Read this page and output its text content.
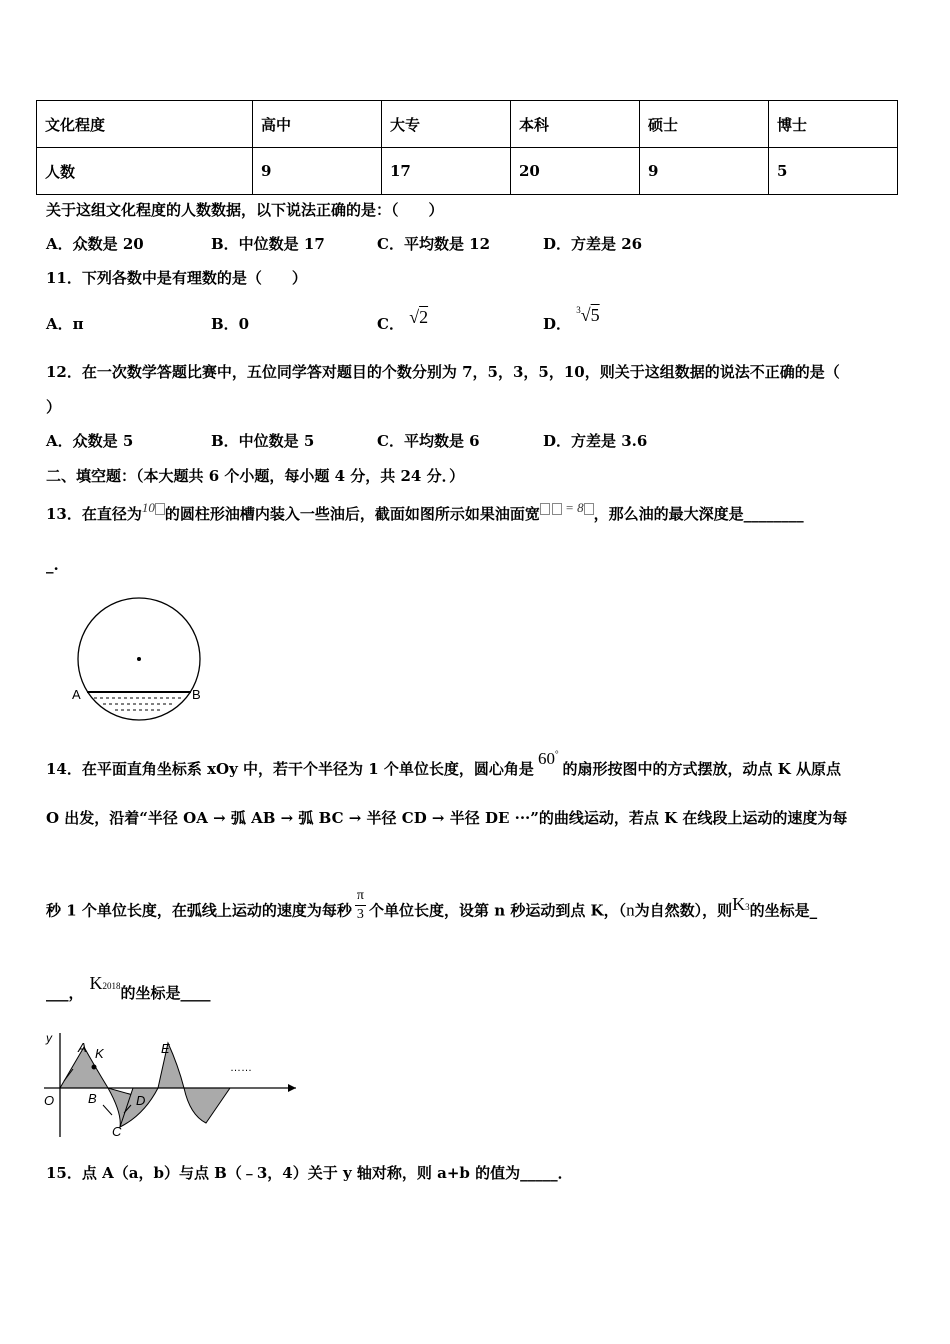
文化程度	高中	大专	本科	硕士	博士
人数	9	17	20	9	5
关于这组文化程度的人数数据，以下说法正确的是：（　　）
A．众数是 20	B．中位数是 17	C．平均数是 12	D．方差是 26
11．下列各数中是有理数的是（　　）
A．π	B．0	C． √2	D． $^3$√5
12．在一次数学答题比赛中，五位同学答对题目的个数分别为 7，5，3，5，10，则关于这组数据的说法不正确的是（
）
A．众数是 5	B．中位数是 5	C．平均数是 6	D．方差是 3.6
二、填空题：（本大题共 6 个小题，每小题 4 分，共 24 分．）
13．在直径为10 的圆柱形油槽内装入一些油后，截面如图所示如果油面宽 = 8 ，那么油的最大深度是________
_.
A	B
14．在平面直角坐标系 xOy 中，若干个半径为 1 个单位长度，圆心角是60°的扇形按图中的方式摆放，动点 K 从原点
O 出发，沿着“半径 OA → 弧 AB → 弧 BC → 半径 CD → 半径 DE ···”的曲线运动，若点 K 在线段上运动的速度为每
秒 1 个单位长度，在弧线上运动的速度为每秒 $\frac{\pi}{3}$ 个单位长度，设第 n 秒运动到点 K，（n为自然数），则K3的坐标是_
___， K2018的坐标是____
y
O
A K
B
C
D
E
……
15．点 A（a，b）与点 B（﹣3，4）关于 y 轴对称，则 a+b 的值为_____．
